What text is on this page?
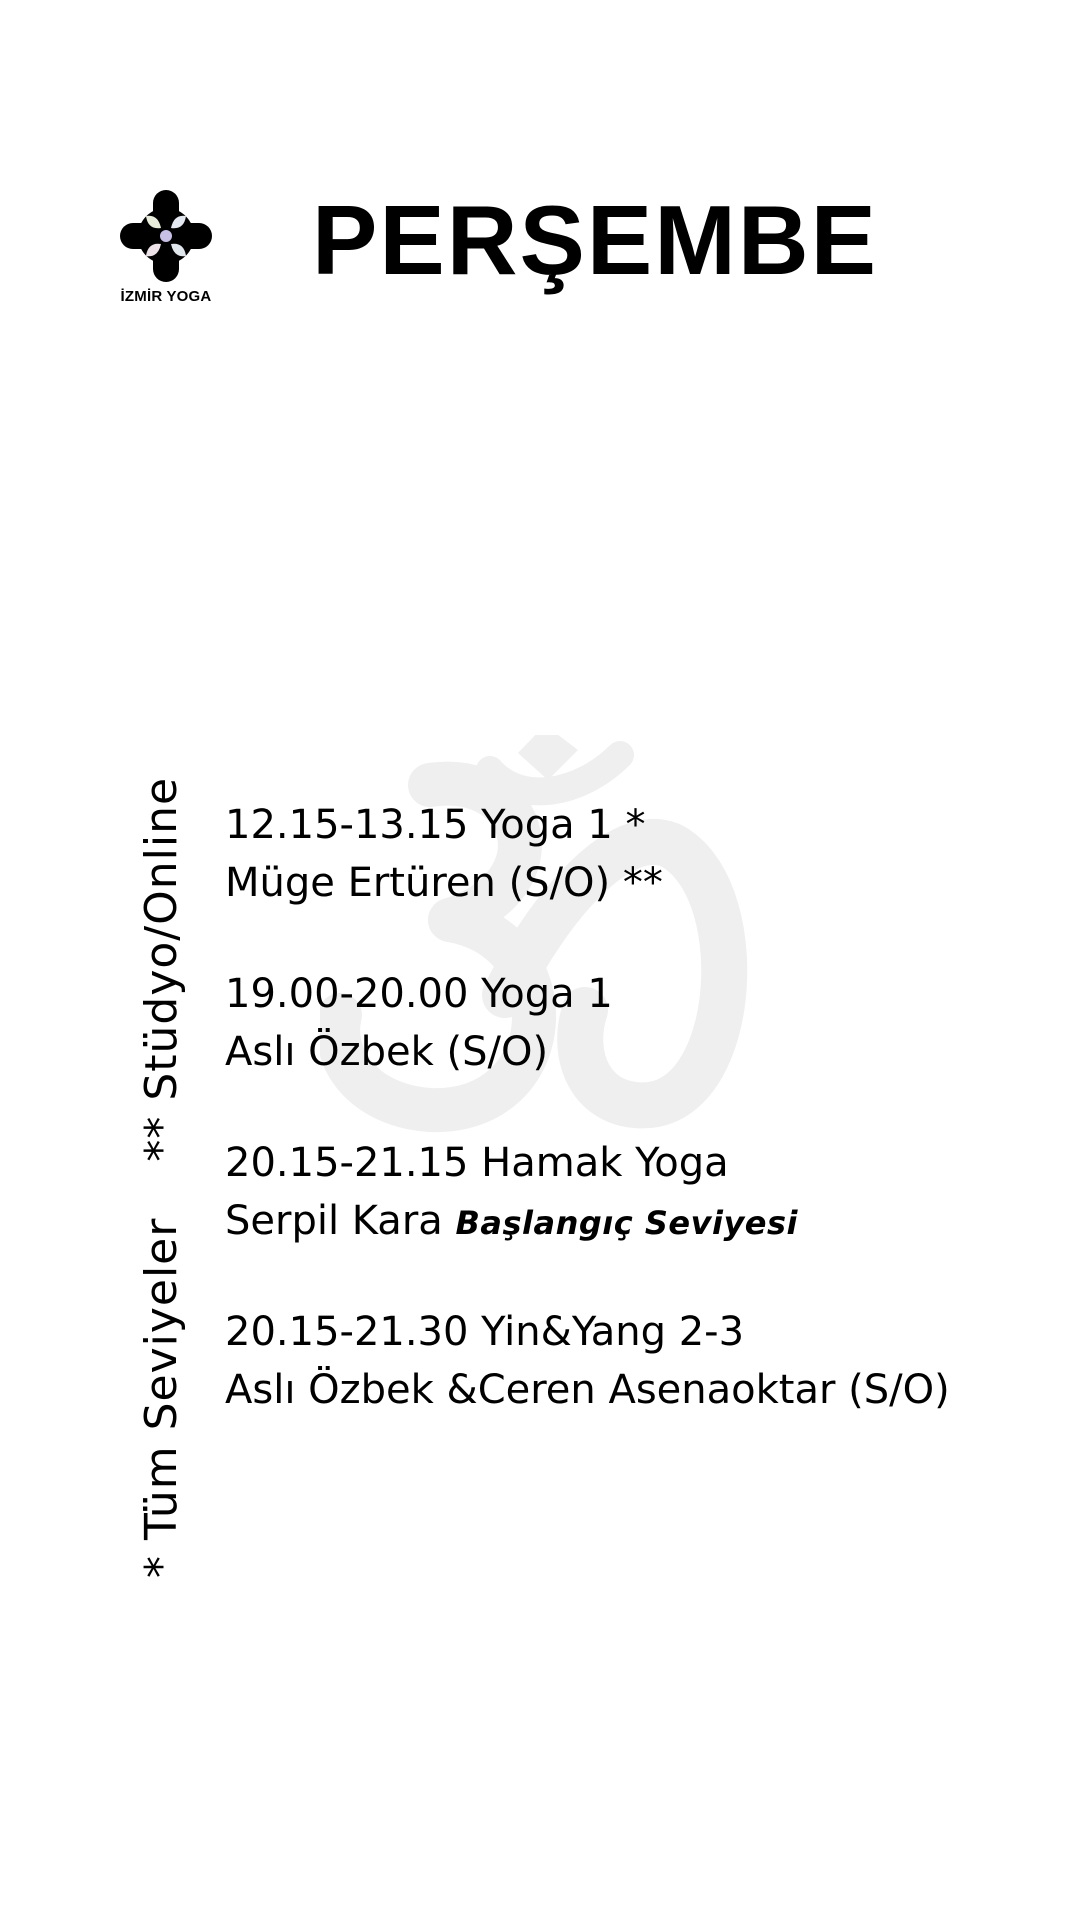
İZMİR YOGA
PERŞEMBE
* Tüm Seviyeler  ** Stüdyo/Online 12.15-13.15 Yoga 1 *
Müge Ertüren (S/O) **
19.00-20.00 Yoga 1
Aslı Özbek (S/O)
20.15-21.15 Hamak Yoga
Serpil Kara Başlangıç Seviyesi
20.15-21.30 Yin&Yang 2-3
Aslı Özbek &Ceren Asenaoktar (S/O)
